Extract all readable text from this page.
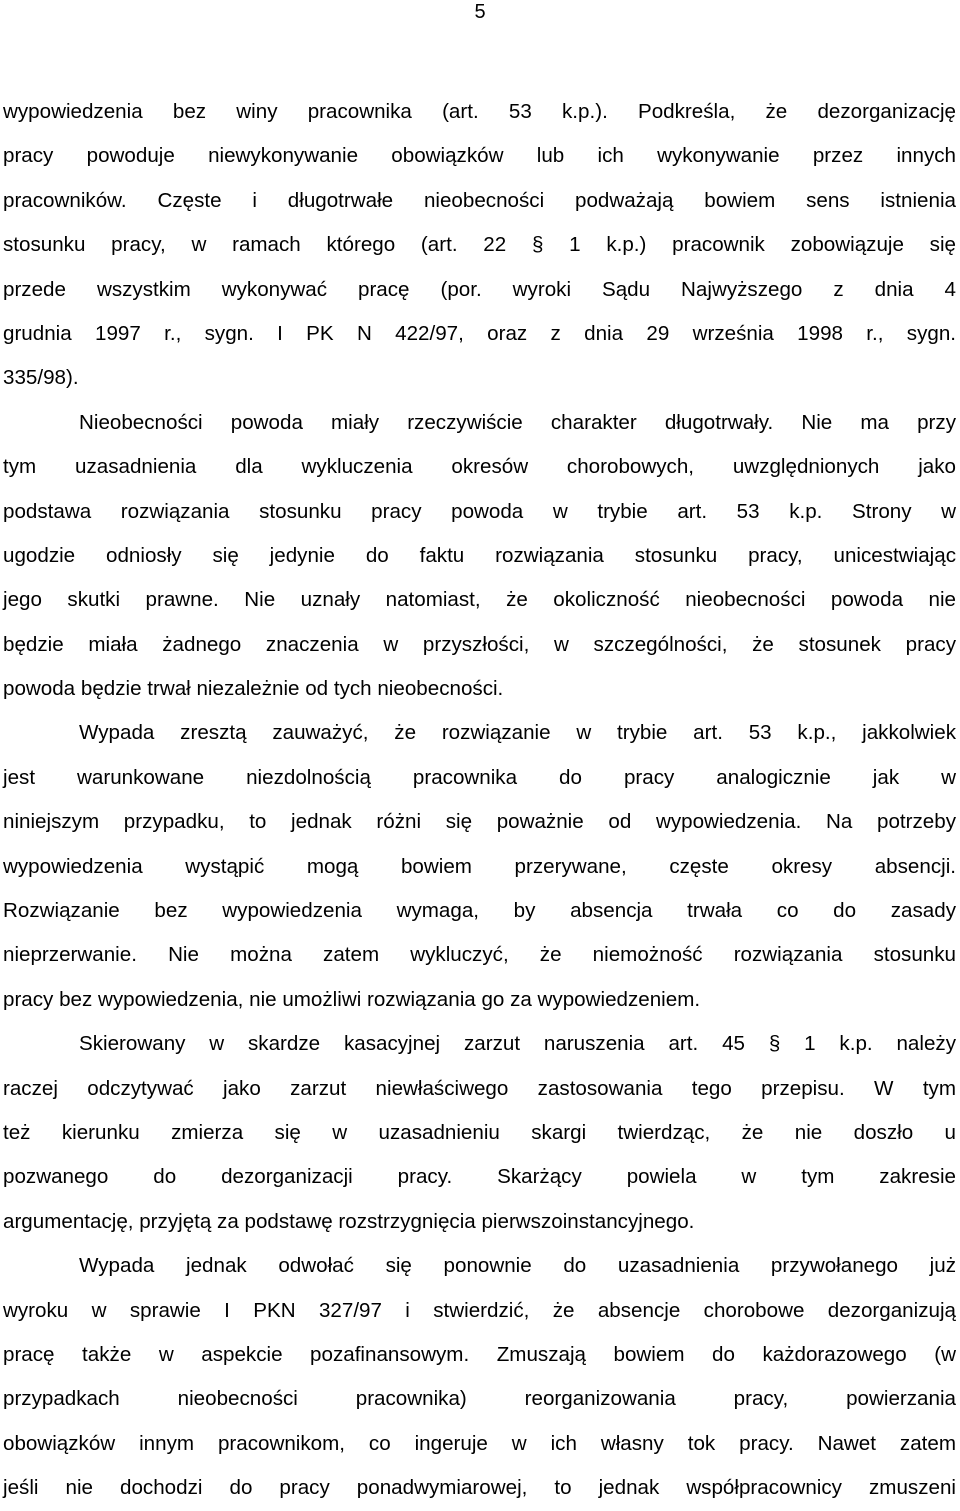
5
wypowiedzenia bez winy pracownika (art. 53 k.p.). Podkreśla, że dezorganizację
pracy powoduje niewykonywanie obowiązków lub ich wykonywanie przez innych
pracowników. Częste i długotrwałe nieobecności podważają bowiem sens istnienia
stosunku pracy, w ramach którego (art. 22 § 1 k.p.) pracownik zobowiązuje się
przede wszystkim wykonywać pracę (por. wyroki Sądu Najwyższego z dnia 4
grudnia 1997 r., sygn. I PK N 422/97, oraz z dnia 29 września 1998 r., sygn.
335/98).
Nieobecności powoda miały rzeczywiście charakter długotrwały. Nie ma przy
tym uzasadnienia dla wykluczenia okresów chorobowych, uwzględnionych jako
podstawa rozwiązania stosunku pracy powoda w trybie art. 53 k.p. Strony w
ugodzie odniosły się jedynie do faktu rozwiązania stosunku pracy, unicestwiając
jego skutki prawne. Nie uznały natomiast, że okoliczność nieobecności powoda nie
będzie miała żadnego znaczenia w przyszłości, w szczególności, że stosunek pracy
powoda będzie trwał niezależnie od tych nieobecności.
Wypada zresztą zauważyć, że rozwiązanie w trybie art. 53 k.p., jakkolwiek
jest warunkowane niezdolnością pracownika do pracy analogicznie jak w
niniejszym przypadku, to jednak różni się poważnie od wypowiedzenia. Na potrzeby
wypowiedzenia wystąpić mogą bowiem przerywane, częste okresy absencji.
Rozwiązanie bez wypowiedzenia wymaga, by absencja trwała co do zasady
nieprzerwanie. Nie można zatem wykluczyć, że niemożność rozwiązania stosunku
pracy bez wypowiedzenia, nie umożliwi rozwiązania go za wypowiedzeniem.
Skierowany w skardze kasacyjnej zarzut naruszenia art. 45 § 1 k.p. należy
raczej odczytywać jako zarzut niewłaściwego zastosowania tego przepisu. W tym
też kierunku zmierza się w uzasadnieniu skargi twierdząc, że nie doszło u
pozwanego do dezorganizacji pracy. Skarżący powiela w tym zakresie
argumentację, przyjętą za podstawę rozstrzygnięcia pierwszoinstancyjnego.
Wypada jednak odwołać się ponownie do uzasadnienia przywołanego już
wyroku w sprawie I PKN 327/97 i stwierdzić, że absencje chorobowe dezorganizują
pracę także w aspekcie pozafinansowym. Zmuszają bowiem do każdorazowego (w
przypadkach nieobecności pracownika) reorganizowania pracy, powierzania
obowiązków innym pracownikom, co ingeruje w ich własny tok pracy. Nawet zatem
jeśli nie dochodzi do pracy ponadwymiarowej, to jednak współpracownicy zmuszeni
